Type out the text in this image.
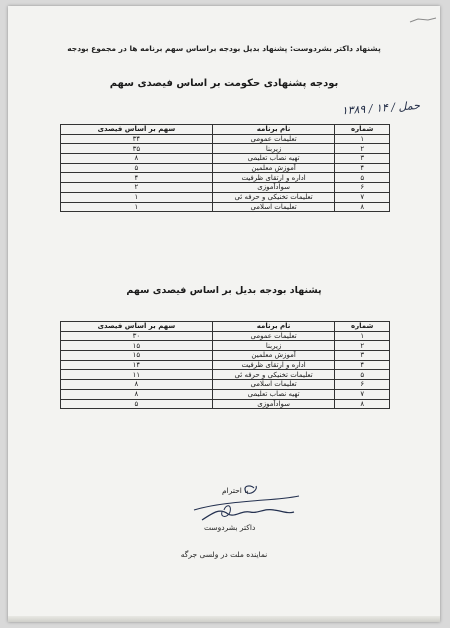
پشنهاد داکتر بشردوست: پشنهاد بدیل بودجه براساس سهم برنامه ها در مجموع بودجه
بودجه پشنهادی حکومت بر اساس فیصدی سهم
۱۳۸۹ / ۱۴ / حمل
شماره	نام برنامه	سهم بر اساس فیصدی
۱	تعلیمات عمومی	۳۴
۲	زیربنا	۳۵
۳	تهیه نصاب تعلیمی	۸
۴	آموزش معلمین	۵
۵	اداره و ارتقای ظرفیت	۴
۶	سوادآموزی	۲
۷	تعلیمات تخنیکی و حرفه ئی	۱
۸	تعلیمات اسلامی	۱
پشنهاد بودجه بدیل بر اساس فیصدی سهم
شماره	نام برنامه	سهم بر اساس فیصدی
۱	تعلیمات عمومی	۳۰
۲	زیربنا	۱۵
۳	آموزش معلمین	۱۵
۴	اداره و ارتقای ظرفیت	۱۴
۵	تعلیمات تخنیکی و حرفه ئی	۱۱
۶	تعلیمات اسلامی	۸
۷	تهیه نصاب تعلیمی	۸
۸	سوادآموزی	۵
با احترام
داکتر بشردوست
نماینده ملت در ولسی جرگه
